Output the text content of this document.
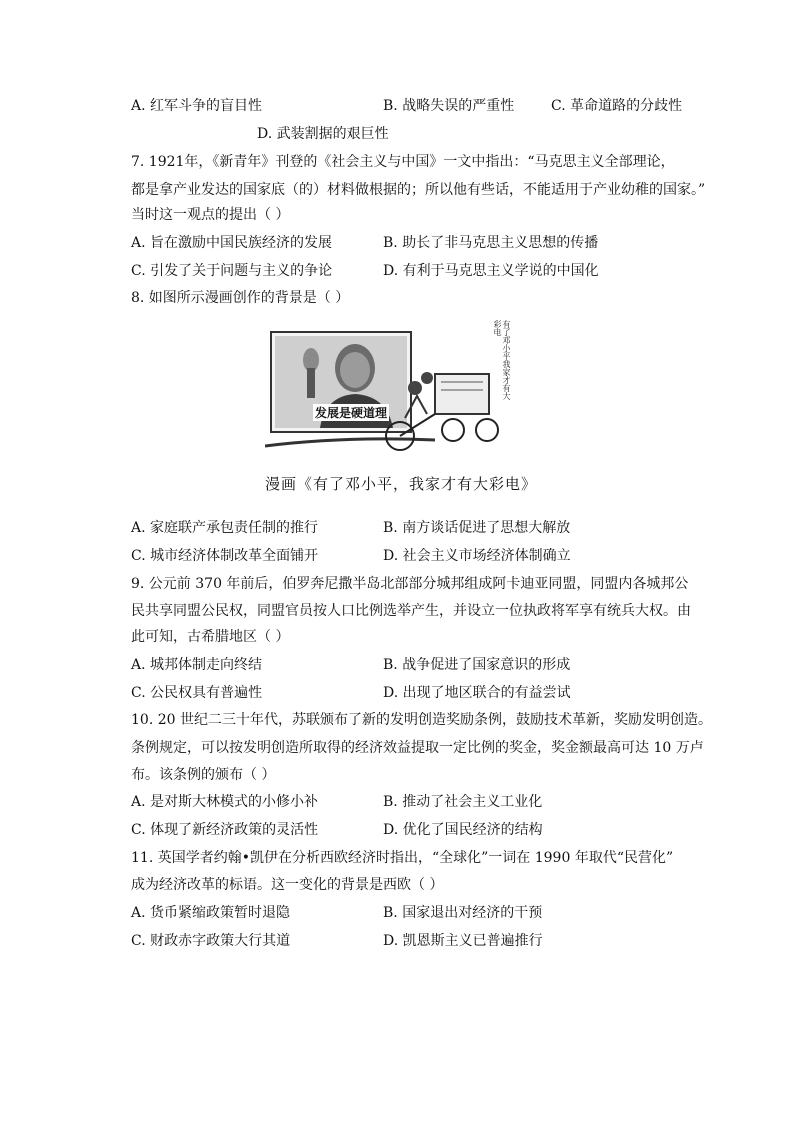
A. 红军斗争的盲目性	B. 战略失误的严重性	C. 革命道路的分歧性
D. 武装割据的艰巨性
7. 1921年，《新青年》刊登的《社会主义与中国》一文中指出：“马克思主义全部理论，
都是拿产业发达的国家底（的）材料做根据的；所以他有些话，不能适用于产业幼稚的国家。”
当时这一观点的提出（ ）
A. 旨在激励中国民族经济的发展	B. 助长了非马克思主义思想的传播
C. 引发了关于问题与主义的争论	D. 有利于马克思主义学说的中国化
8. 如图所示漫画创作的背景是（ ）
发展是硬道理
有了邓小平我家才有大彩电
漫画《有了邓小平，我家才有大彩电》
A. 家庭联产承包责任制的推行	B. 南方谈话促进了思想大解放
C. 城市经济体制改革全面铺开	D. 社会主义市场经济体制确立
9. 公元前 370 年前后，伯罗奔尼撒半岛北部部分城邦组成阿卡迪亚同盟，同盟内各城邦公
民共享同盟公民权，同盟官员按人口比例选举产生，并设立一位执政将军享有统兵大权。由
此可知，古希腊地区（ ）
A. 城邦体制走向终结	B. 战争促进了国家意识的形成
C. 公民权具有普遍性	D. 出现了地区联合的有益尝试
10. 20 世纪二三十年代，苏联颁布了新的发明创造奖励条例，鼓励技术革新，奖励发明创造。
条例规定，可以按发明创造所取得的经济效益提取一定比例的奖金，奖金额最高可达 10 万卢
布。该条例的颁布（ ）
A. 是对斯大林模式的小修小补	B. 推动了社会主义工业化
C. 体现了新经济政策的灵活性	D. 优化了国民经济的结构
11. 英国学者约翰•凯伊在分析西欧经济时指出，“全球化”一词在 1990 年取代“民营化”
成为经济改革的标语。这一变化的背景是西欧（ ）
A. 货币紧缩政策暂时退隐	B. 国家退出对经济的干预
C. 财政赤字政策大行其道	D. 凯恩斯主义已普遍推行
